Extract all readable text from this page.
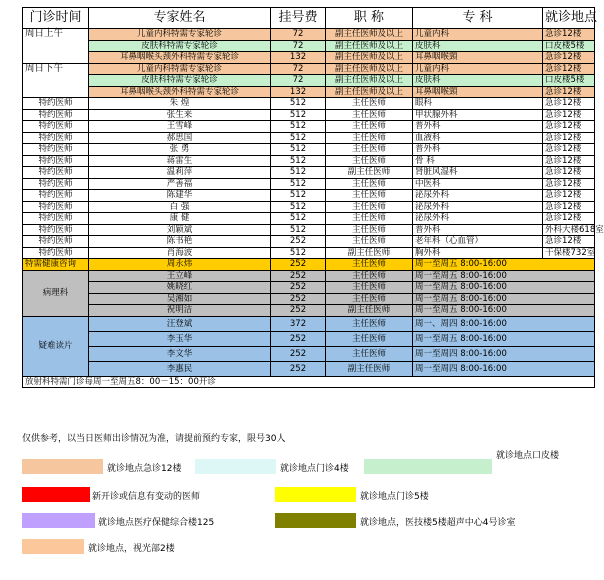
门诊时间	专家姓名	挂号费	职 称	专 科	就诊地点
周日上午	儿童内科特需专家轮诊	72	副主任医师及以上	儿童内科	急诊12楼
	皮肤科特需专家轮诊	72	副主任医师及以上	皮肤科	口皮楼5楼
	耳鼻咽喉头颈外科特需专家轮诊	132	副主任医师及以上	耳鼻咽喉頸	急诊12楼
周日下午	儿童内科特需专家轮诊	72	副主任医师及以上	儿童内科	急诊12楼
	皮肤科特需专家轮诊	72	副主任医师及以上	皮肤科	口皮楼5楼
	耳鼻咽喉头颈外科特需专家轮诊	132	副主任医师及以上	耳鼻咽喉頸	急诊12楼
特约医师	朱 煌	512	主任医师	眼科	急诊12楼
特约医师	张生来	512	主任医师	甲状腺外科	急诊12楼
特约医师	王雪峰	512	主任医师	普外科	急诊12楼
特约医师	郝思国	512	主任医师	血液科	急诊12楼
特约医师	张 勇	512	主任医师	普外科	急诊12楼
特约医师	蒋雷生	512	主任医师	骨 科	急诊12楼
特约医师	温莉萍	512	副主任医师	肾脏风湿科	急诊12楼
特约医师	严善福	512	主任医师	中医科	急诊12楼
特约医师	陈建华	512	主任医师	泌尿外科	急诊12楼
特约医师	白 强	512	主任医师	泌尿外科	急诊12楼
特约医师	康 健	512	主任医师	泌尿外科	急诊12楼
特约医师	刘颖斌	512	主任医师	普外科	外科大楼618室
特约医师	陈书艳	252	主任医师	老年科（心血管）	急诊12楼
特约医师	肖海波	512	副主任医师	胸外科	干保楼732室
特需健康咨询	周永炜	252	主任医师	周一至周五 8:00-16:00	
病理科	王立峰	252	主任医师	周一至周五 8:00-16:00	
	姚晓红	252	主任医师	周一至周五 8:00-16:00	
	吴湘如	252	主任医师	周一至周五 8:00-16:00	
	祝明洁	252	副主任医师	周一至周五 8:00-16:00	
疑难读片	汪登斌	372	主任医师	周一、周四 8:00-16:00	
	李玉华	252	主任医师	周一至周五 8:00-16:00	
	李文华	252	主任医师	周一至周四 8:00-16:00	
	李惠民	252	副主任医师	周一至周四 8:00-16:00	
放射科特需门诊每周一至周五8：00－15：00开诊					
仅供参考，以当日医师出诊情况为准，请提前预约专家，限号30人
就诊地点急诊12楼	就诊地点门诊4楼
就诊地点口皮楼
新开诊或信息有变动的医师	就诊地点门诊5楼
就诊地点医疗保健综合楼125	就诊地点，医技楼5楼超声中心4号诊室
就诊地点，视光部2楼
